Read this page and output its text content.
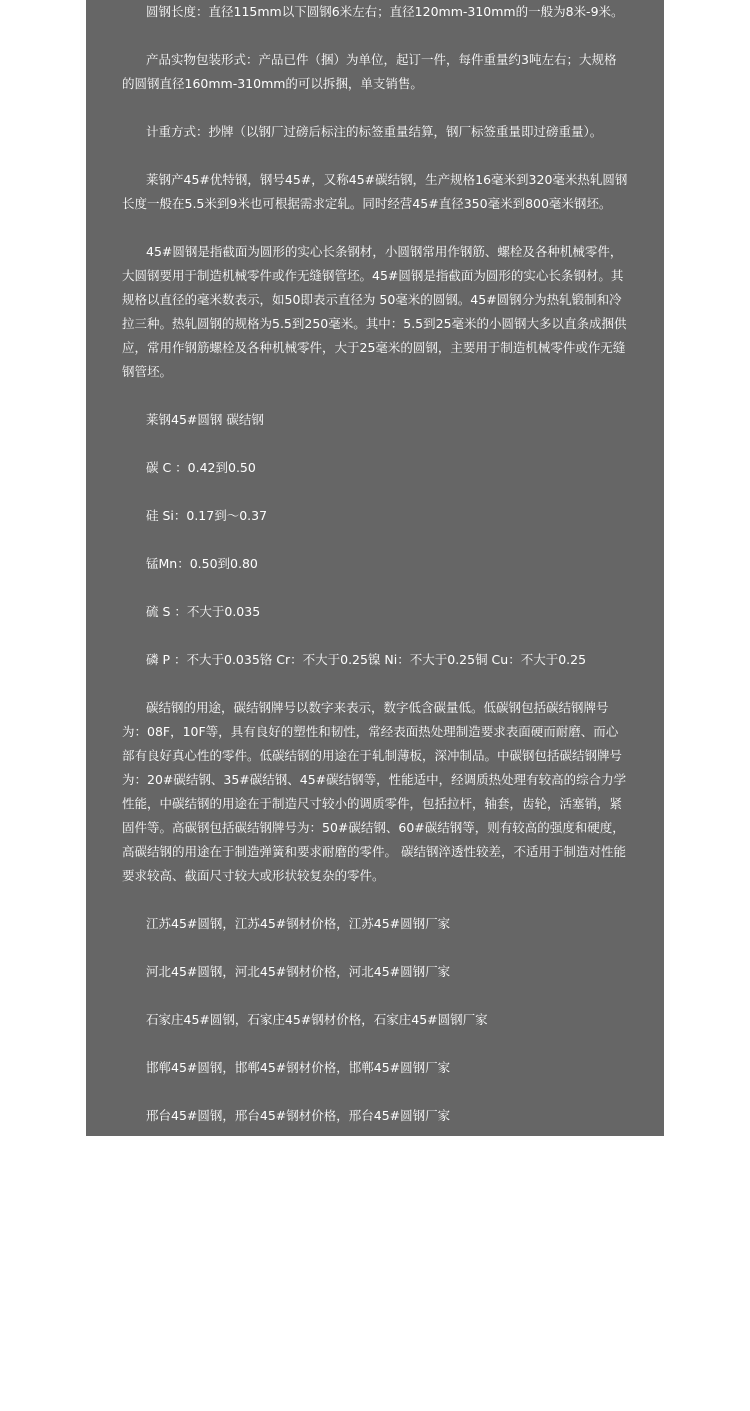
圆钢长度：直径115mm以下圆钢6米左右；直径120mm-310mm的一般为8米-9米。

产品实物包装形式：产品已件（捆）为单位，起订一件，每件重量约3吨左右；大规格的圆钢直径160mm-310mm的可以拆捆，单支销售。

计重方式：抄牌（以钢厂过磅后标注的标签重量结算，钢厂标签重量即过磅重量）。

莱钢产45#优特钢，钢号45#，又称45#碳结钢，生产规格16毫米到320毫米热轧圆钢长度一般在5.5米到9米也可根据需求定轧。同时经营45#直径350毫米到800毫米钢坯。

45#圆钢是指截面为圆形的实心长条钢材，小圆钢常用作钢筋、螺栓及各种机械零件，大圆钢要用于制造机械零件或作无缝钢管坯。45#圆钢是指截面为圆形的实心长条钢材。其规格以直径的毫米数表示，如50即表示直径为 50毫米的圆钢。45#圆钢分为热轧锻制和冷拉三种。热轧圆钢的规格为5.5到250毫米。其中：5.5到25毫米的小圆钢大多以直条成捆供应，常用作钢筋螺栓及各种机械零件，大于25毫米的圆钢，主要用于制造机械零件或作无缝钢管坯。

莱钢45#圆钢 碳结钢

碳 C ：0.42到0.50

硅 Si：0.17到～0.37

锰Mn：0.50到0.80

硫 S ：不大于0.035

磷 P ：不大于0.035铬 Cr：不大于0.25镍 Ni：不大于0.25铜 Cu：不大于0.25

碳结钢的用途，碳结钢牌号以数字来表示，数字低含碳量低。低碳钢包括碳结钢牌号为：08F，10F等，具有良好的塑性和韧性，常经表面热处理制造要求表面硬而耐磨、而心部有良好真心性的零件。低碳结钢的用途在于轧制薄板，深冲制品。中碳钢包括碳结钢牌号为：20#碳结钢、35#碳结钢、45#碳结钢等，性能适中，经调质热处理有较高的综合力学性能，中碳结钢的用途在于制造尺寸较小的调质零件，包括拉杆，轴套，齿轮，活塞销，紧固件等。高碳钢包括碳结钢牌号为：50#碳结钢、60#碳结钢等，则有较高的强度和硬度，高碳结钢的用途在于制造弹簧和要求耐磨的零件。 碳结钢淬透性较差，不适用于制造对性能要求较高、截面尺寸较大或形状较复杂的零件。

江苏45#圆钢，江苏45#钢材价格，江苏45#圆钢厂家

河北45#圆钢，河北45#钢材价格，河北45#圆钢厂家

石家庄45#圆钢，石家庄45#钢材价格，石家庄45#圆钢厂家

邯郸45#圆钢，邯郸45#钢材价格，邯郸45#圆钢厂家

邢台45#圆钢，邢台45#钢材价格，邢台45#圆钢厂家

沧州45#圆钢，沧州45#钢材价格，沧州45#圆钢厂家
